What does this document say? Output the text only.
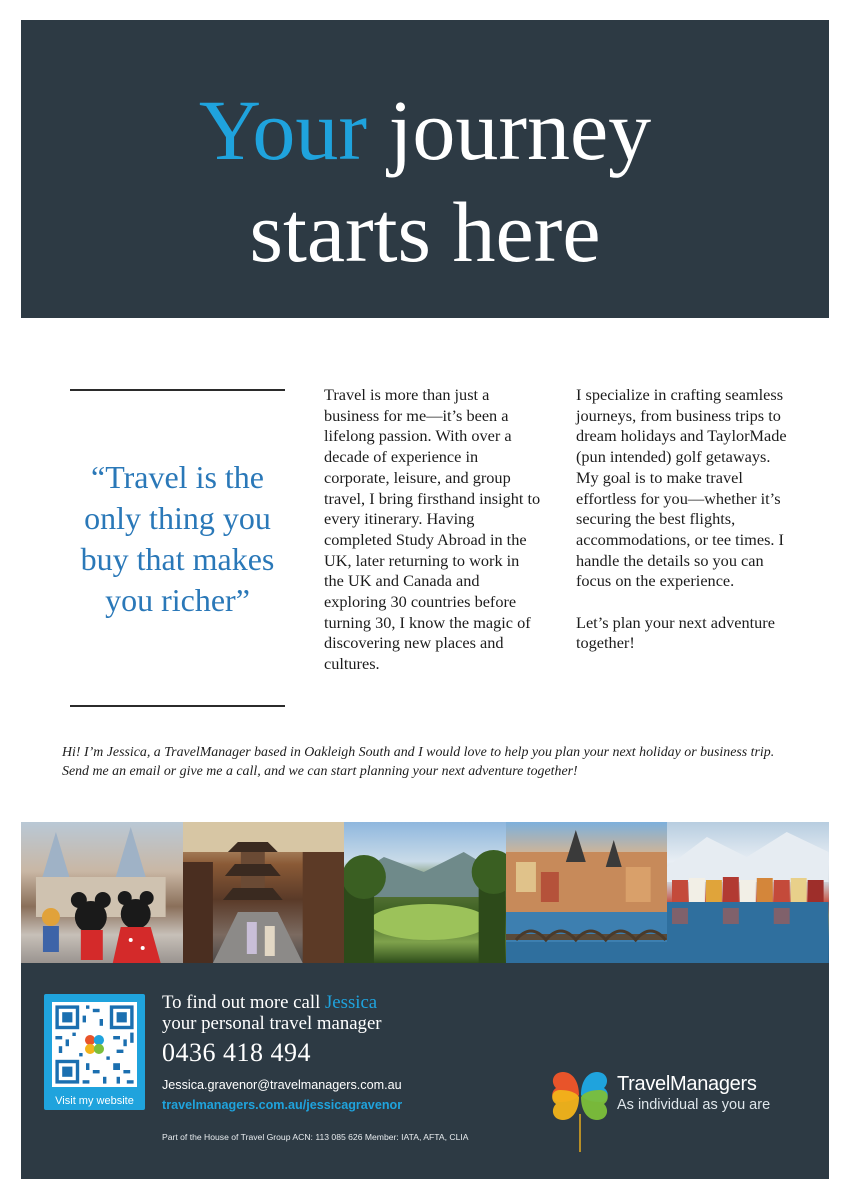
Your journey
starts here
“Travel is the only thing you buy that makes you richer”

Travel is more than just a business for me—it’s been a lifelong passion. With over a decade of experience in corporate, leisure, and group travel, I bring firsthand insight to every itinerary. Having completed Study Abroad in the UK, later returning to work in the UK and Canada and exploring 30 countries before turning 30, I know the magic of discovering new places and cultures.

I specialize in crafting seamless journeys, from business trips to dream holidays and TaylorMade (pun intended) golf getaways. My goal is to make travel effortless for you—whether it’s securing the best flights, accommodations, or tee times. I handle the details so you can focus on the experience.

Let’s plan your next adventure together!

Hi! I’m Jessica, a TravelManager based in Oakleigh South and I would love to help you plan your next holiday or business trip. Send me an email or give me a call, and we can start planning your next adventure together!
Visit my website
To find out more call Jessica
your personal travel manager
0436 418 494
Jessica.gravenor@travelmanagers.com.au
travelmanagers.com.au/jessicagravenor
Part of the House of Travel Group ACN: 113 085 626 Member: IATA, AFTA, CLIA
TravelManagers
As individual as you are
